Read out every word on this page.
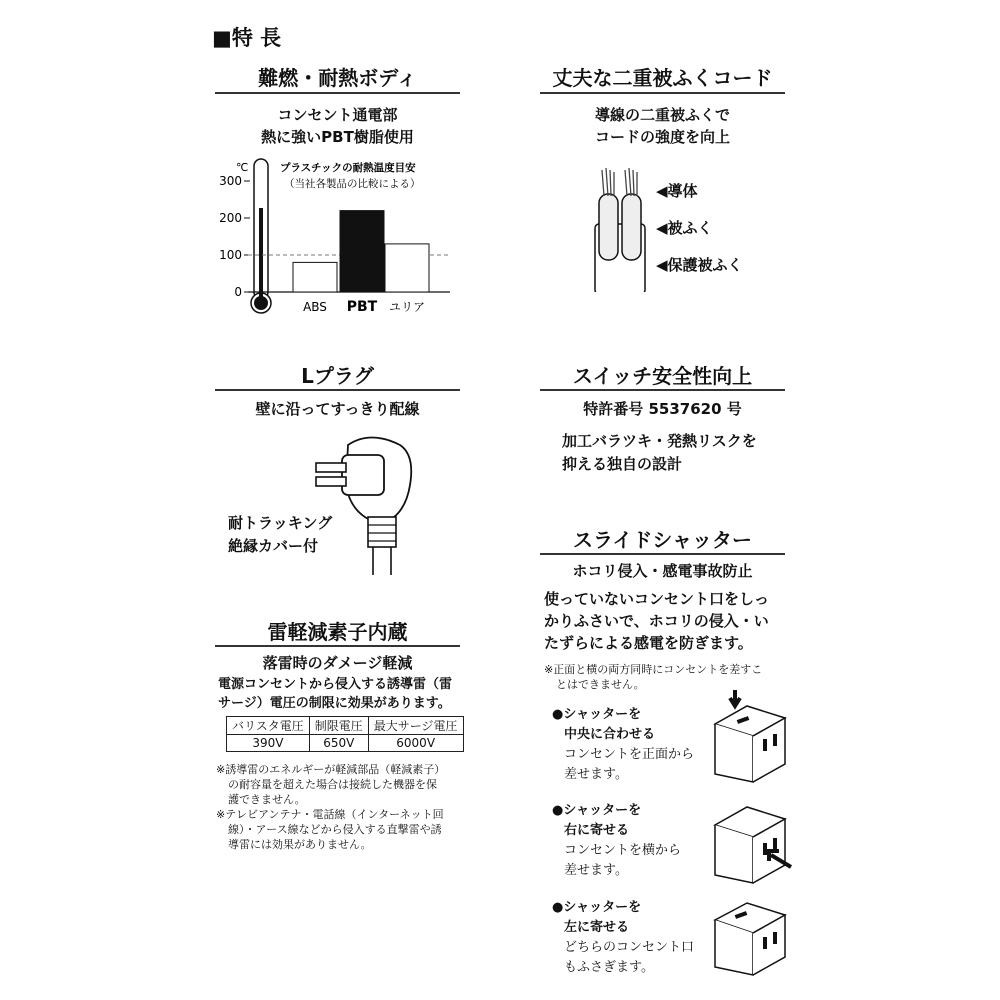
■特 長
難燃・耐熱ボディ
コンセント通電部
熱に強いPBT樹脂使用
℃
0
100
200
300
プラスチックの耐熱温度目安
（当社各製品の比較による）
ABS PBT ユリア
丈夫な二重被ふくコード
導線の二重被ふくで
コードの強度を向上
◀導体
◀被ふく
◀保護被ふく
Lプラグ
壁に沿ってすっきり配線
耐トラッキング
絶縁カバー付
スイッチ安全性向上
特許番号 5537620 号
加工バラツキ・発熱リスクを
抑える独自の設計
雷軽減素子内蔵
落雷時のダメージ軽減
電源コンセントから侵入する誘導雷（雷
サージ）電圧の制限に効果があります。
バリスタ電圧	制限電圧	最大サージ電圧
390V	650V	6000V
※誘導雷のエネルギーが軽減部品（軽減素子）
の耐容量を超えた場合は接続した機器を保
護できません。
※テレビアンテナ・電話線（インターネット回
線）・アース線などから侵入する直撃雷や誘
導雷には効果がありません。
スライドシャッター
ホコリ侵入・感電事故防止
使っていないコンセント口をしっ
かりふさいで、ホコリの侵入・い
たずらによる感電を防ぎます。
※正面と横の両方同時にコンセントを差すこ
とはできません。
●シャッターを
中央に合わせる
コンセントを正面から
差せます。
●シャッターを
右に寄せる
コンセントを横から
差せます。
●シャッターを
左に寄せる
どちらのコンセント口
もふさぎます。
